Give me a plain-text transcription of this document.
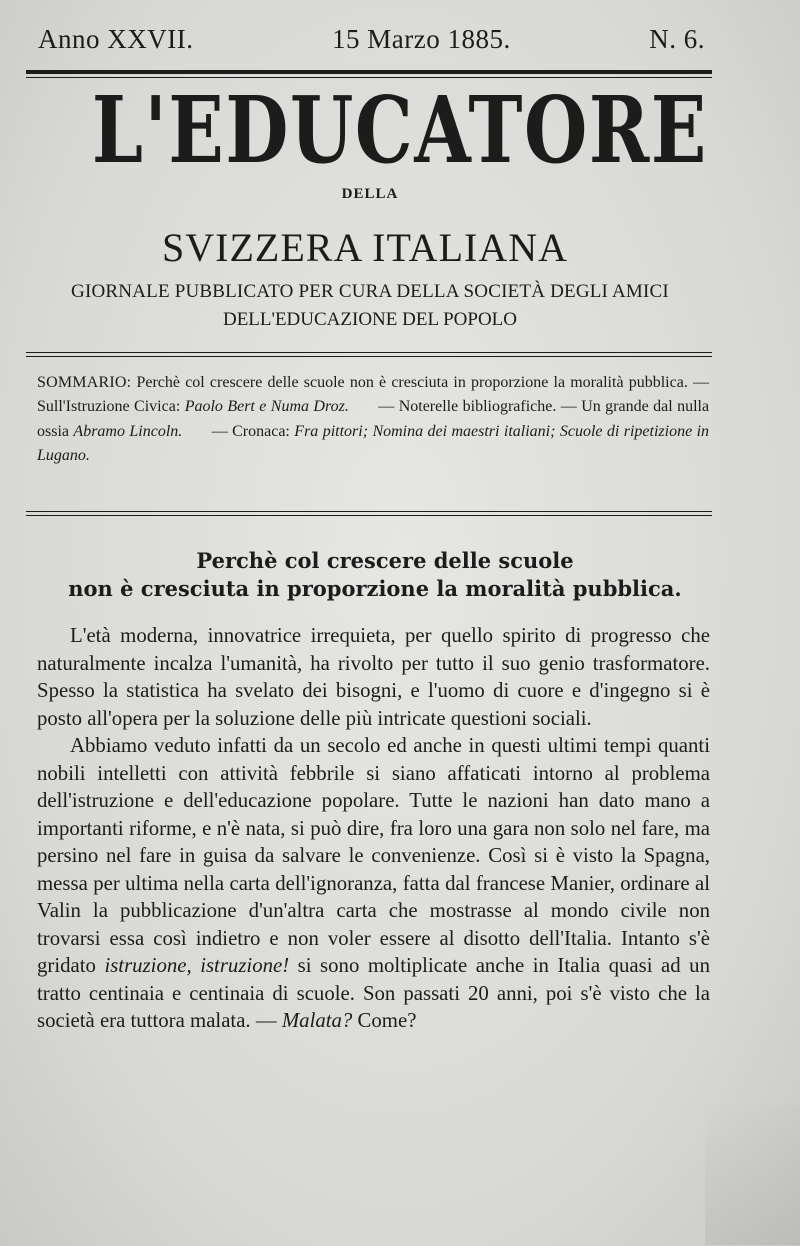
Anno XXVII.	15 Marzo 1885.	N. 6.
L'EDUCATORE
DELLA
SVIZZERA ITALIANA
GIORNALE PUBBLICATO PER CURA DELLA SOCIETÀ DEGLI AMICI
DELL'EDUCAZIONE DEL POPOLO
SOMMARIO: Perchè col crescere delle scuole non è cresciuta in proporzione la moralità pubblica. — Sull'Istruzione Civica: Paolo Bert e Numa Droz. — Noterelle bibliografiche. — Un grande dal nulla ossia Abramo Lincoln. — Cronaca: Fra pittori; Nomina dei maestri italiani; Scuole di ripetizione in Lugano.
Perchè col crescere delle scuole
non è cresciuta in proporzione la moralità pubblica.

L'età moderna, innovatrice irrequieta, per quello spirito di progresso che naturalmente incalza l'umanità, ha rivolto per tutto il suo genio trasformatore. Spesso la statistica ha svelato dei bisogni, e l'uomo di cuore e d'ingegno si è posto all'opera per la soluzione delle più intricate questioni sociali.

Abbiamo veduto infatti da un secolo ed anche in questi ultimi tempi quanti nobili intelletti con attività febbrile si siano affaticati intorno al problema dell'istruzione e dell'educazione popolare. Tutte le nazioni han dato mano a importanti riforme, e n'è nata, si può dire, fra loro una gara non solo nel fare, ma persino nel fare in guisa da salvare le convenienze. Così si è visto la Spagna, messa per ultima nella carta dell'ignoranza, fatta dal francese Manier, ordinare al Valin la pubblicazione d'un'altra carta che mostrasse al mondo civile non trovarsi essa così indietro e non voler essere al disotto dell'Italia. Intanto s'è gridato istruzione, istruzione! si sono moltiplicate anche in Italia quasi ad un tratto centinaia e centinaia di scuole. Son passati 20 anni, poi s'è visto che la società era tuttora malata. — Malata? Come?
